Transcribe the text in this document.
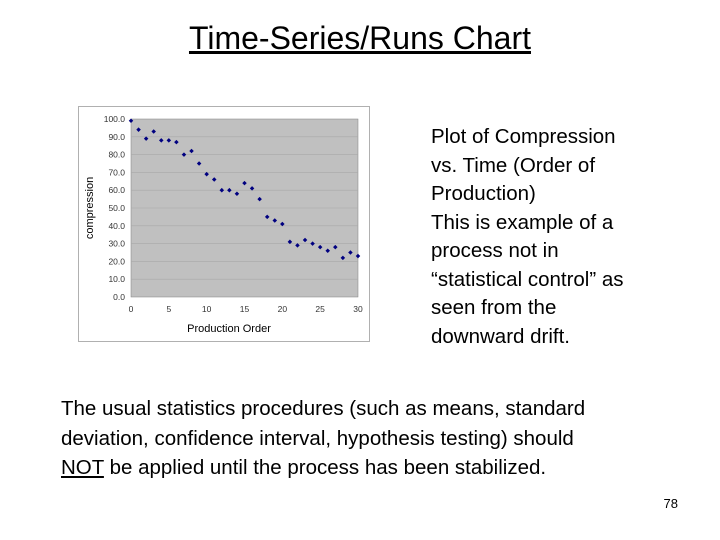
Time-Series/Runs Chart
0.0
10.0
20.0
30.0
40.0
50.0
60.0
70.0
80.0
90.0
100.0
0	5	10	15	20	25	30
compression
Production Order
Plot of Compression
vs. Time (Order of
Production)
This is example of a
process not in
“statistical control” as
seen from the
downward drift.
The usual statistics procedures (such as means, standard
deviation, confidence interval, hypothesis testing) should
NOT be applied until the process has been stabilized.
78
